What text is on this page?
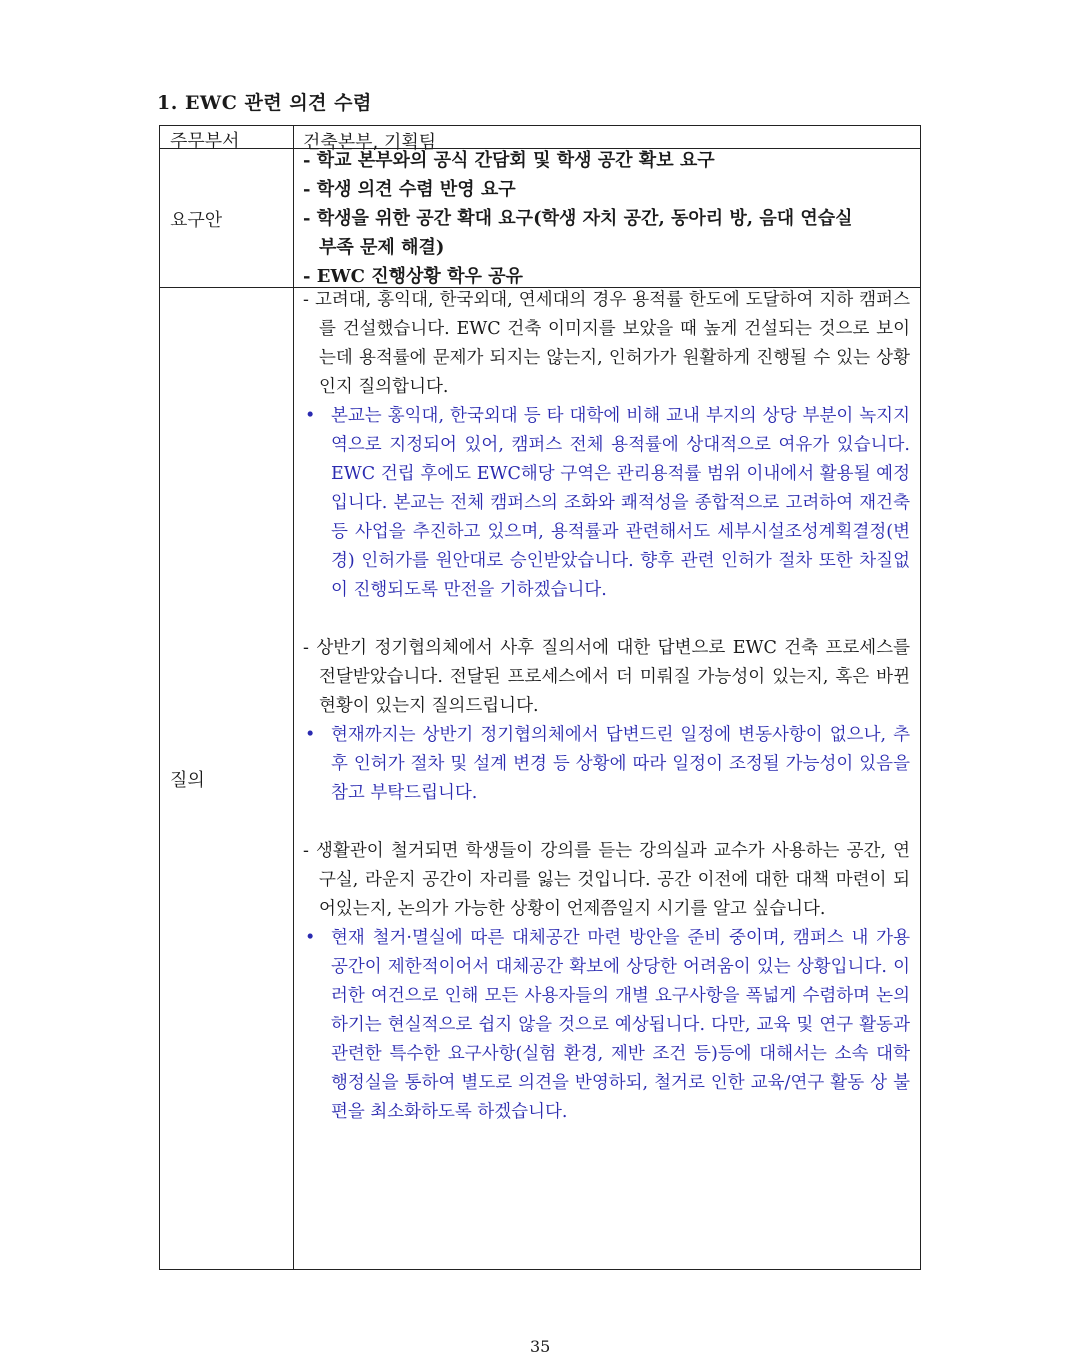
1. EWC 관련 의견 수렴
주무부서	건축본부, 기획팀
요구안
- 학교 본부와의 공식 간담회 및 학생 공간 확보 요구
- 학생 의견 수렴 반영 요구
- 학생을 위한 공간 확대 요구(학생 자치 공간, 동아리 방, 음대 연습실
부족 문제 해결)
- EWC 진행상황 학우 공유
질의
- 고려대, 홍익대, 한국외대, 연세대의 경우 용적률 한도에 도달하여 지하 캠퍼스를 건설했습니다. EWC 건축 이미지를 보았을 때 높게 건설되는 것으로 보이는데 용적률에 문제가 되지는 않는지, 인허가가 원활하게 진행될 수 있는 상황인지 질의합니다.
• 본교는 홍익대, 한국외대 등 타 대학에 비해 교내 부지의 상당 부분이 녹지지역으로 지정되어 있어, 캠퍼스 전체 용적률에 상대적으로 여유가 있습니다. EWC 건립 후에도 EWC해당 구역은 관리용적률 범위 이내에서 활용될 예정입니다. 본교는 전체 캠퍼스의 조화와 쾌적성을 종합적으로 고려하여 재건축 등 사업을 추진하고 있으며, 용적률과 관련해서도 세부시설조성계획결정(변경) 인허가를 원안대로 승인받았습니다. 향후 관련 인허가 절차 또한 차질없이 진행되도록 만전을 기하겠습니다.
- 상반기 정기협의체에서 사후 질의서에 대한 답변으로 EWC 건축 프로세스를 전달받았습니다. 전달된 프로세스에서 더 미뤄질 가능성이 있는지, 혹은 바뀐 현황이 있는지 질의드립니다.
• 현재까지는 상반기 정기협의체에서 답변드린 일정에 변동사항이 없으나, 추후 인허가 절차 및 설계 변경 등 상황에 따라 일정이 조정될 가능성이 있음을 참고 부탁드립니다.
- 생활관이 철거되면 학생들이 강의를 듣는 강의실과 교수가 사용하는 공간, 연구실, 라운지 공간이 자리를 잃는 것입니다. 공간 이전에 대한 대책 마련이 되어있는지, 논의가 가능한 상황이 언제쯤일지 시기를 알고 싶습니다.
• 현재 철거·멸실에 따른 대체공간 마련 방안을 준비 중이며, 캠퍼스 내 가용 공간이 제한적이어서 대체공간 확보에 상당한 어려움이 있는 상황입니다. 이러한 여건으로 인해 모든 사용자들의 개별 요구사항을 폭넓게 수렴하며 논의하기는 현실적으로 쉽지 않을 것으로 예상됩니다. 다만, 교육 및 연구 활동과 관련한 특수한 요구사항(실험 환경, 제반 조건 등)등에 대해서는 소속 대학 행정실을 통하여 별도로 의견을 반영하되, 철거로 인한 교육/연구 활동 상 불편을 최소화하도록 하겠습니다.
35
